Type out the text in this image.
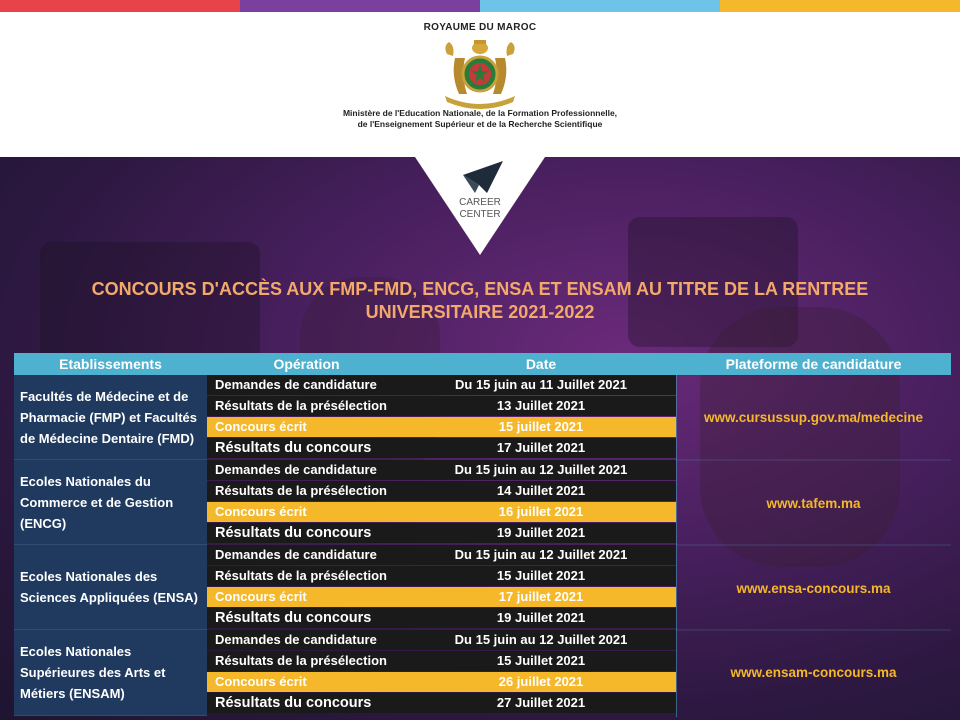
ROYAUME DU MAROC
Ministère de l'Education Nationale, de la Formation Professionnelle,
de l'Enseignement Supérieur et de la Recherche Scientifique
CAREER
CENTER
CONCOURS D'ACCÈS AUX FMP-FMD, ENCG, ENSA ET ENSAM AU TITRE DE LA RENTREE
UNIVERSITAIRE 2021-2022
Etablissements	Opération	Date	Plateforme de candidature
Facultés de Médecine et de Pharmacie (FMP) et Facultés de Médecine Dentaire (FMD)
Demandes de candidature	Du 15 juin au 11 Juillet 2021
Résultats de la présélection	13 Juillet 2021
Concours écrit	15 juillet 2021
Résultats du concours	17 Juillet 2021
www.cursussup.gov.ma/medecine
Ecoles Nationales du Commerce et de Gestion (ENCG)
Demandes de candidature	Du 15 juin au 12 Juillet 2021
Résultats de la présélection	14 Juillet 2021
Concours écrit	16 juillet 2021
Résultats du concours	19 Juillet 2021
www.tafem.ma
Ecoles Nationales des Sciences Appliquées (ENSA)
Demandes de candidature	Du 15 juin au 12 Juillet 2021
Résultats de la présélection	15 Juillet 2021
Concours écrit	17 juillet 2021
Résultats du concours	19 Juillet 2021
www.ensa-concours.ma
Ecoles Nationales Supérieures des Arts et Métiers (ENSAM)
Demandes de candidature	Du 15 juin au 12 Juillet 2021
Résultats de la présélection	15 Juillet 2021
Concours écrit	26 juillet 2021
Résultats du concours	27 Juillet 2021
www.ensam-concours.ma
